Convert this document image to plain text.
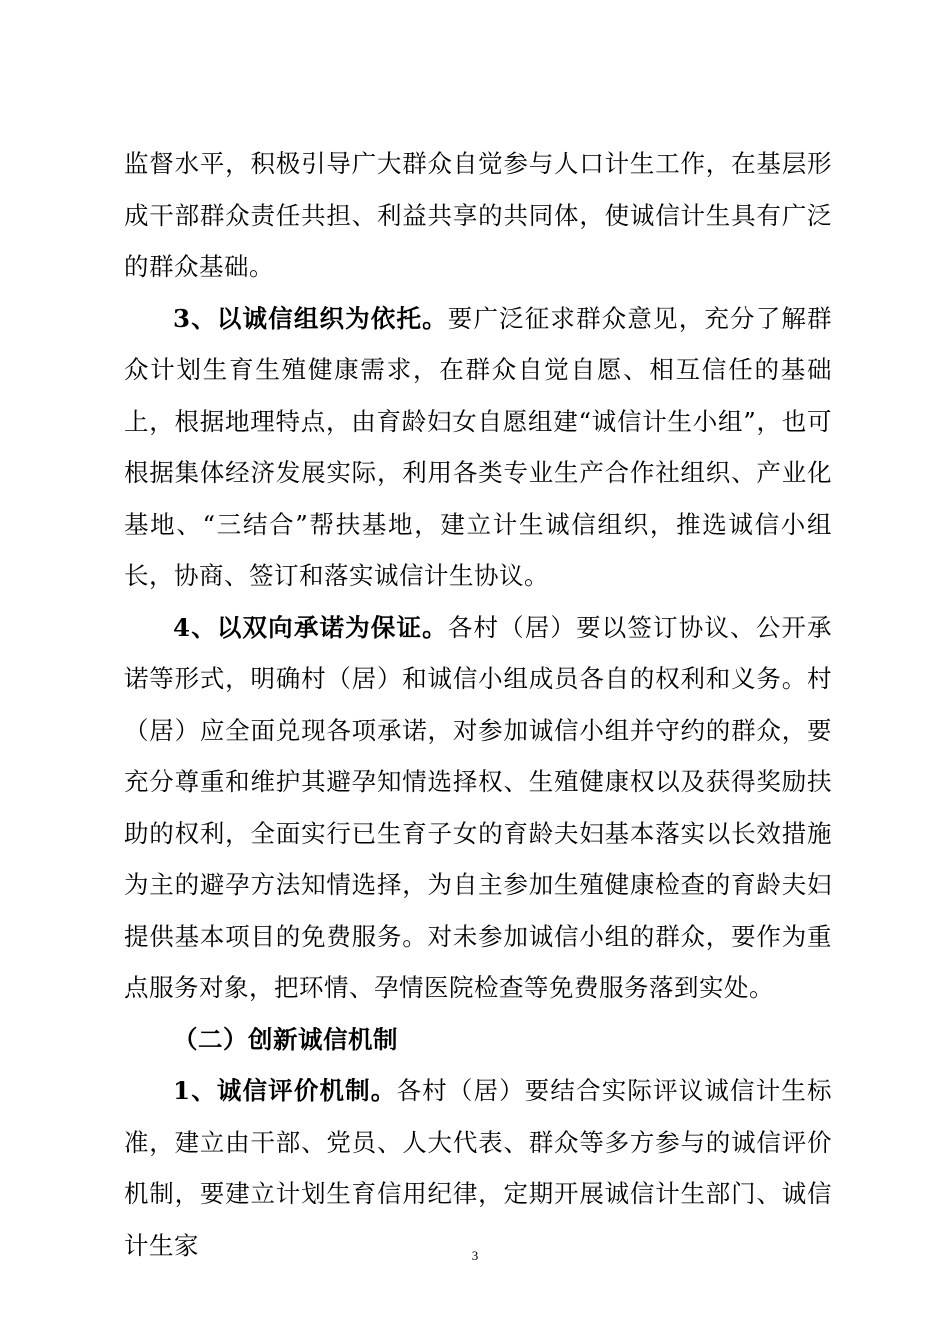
监督水平，积极引导广大群众自觉参与人口计生工作，在基层形成干部群众责任共担、利益共享的共同体，使诚信计生具有广泛的群众基础。

3、以诚信组织为依托。要广泛征求群众意见，充分了解群众计划生育生殖健康需求，在群众自觉自愿、相互信任的基础上，根据地理特点，由育龄妇女自愿组建“诚信计生小组”，也可根据集体经济发展实际，利用各类专业生产合作社组织、产业化基地、“三结合”帮扶基地，建立计生诚信组织，推选诚信小组长，协商、签订和落实诚信计生协议。

4、以双向承诺为保证。各村（居）要以签订协议、公开承诺等形式，明确村（居）和诚信小组成员各自的权利和义务。村（居）应全面兑现各项承诺，对参加诚信小组并守约的群众，要充分尊重和维护其避孕知情选择权、生殖健康权以及获得奖励扶助的权利，全面实行已生育子女的育龄夫妇基本落实以长效措施为主的避孕方法知情选择，为自主参加生殖健康检查的育龄夫妇提供基本项目的免费服务。对未参加诚信小组的群众，要作为重点服务对象，把环情、孕情医院检查等免费服务落到实处。

（二）创新诚信机制

1、诚信评价机制。各村（居）要结合实际评议诚信计生标准，建立由干部、党员、人大代表、群众等多方参与的诚信评价机制，要建立计划生育信用纪律，定期开展诚信计生部门、诚信计生家	3
